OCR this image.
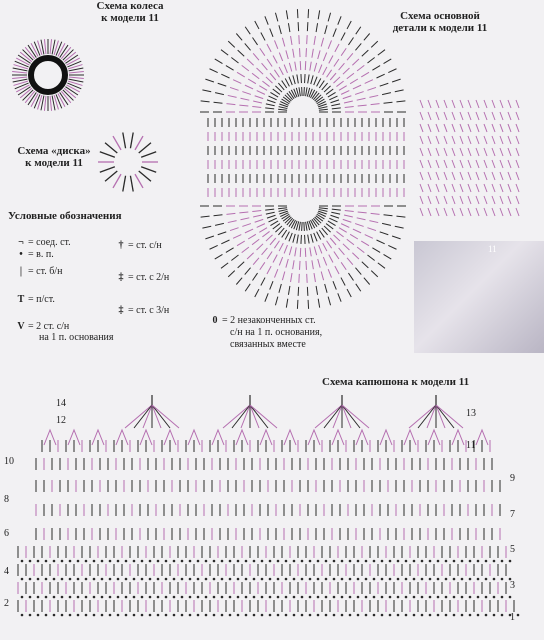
Схема колеса
к модели 11
Схема «диска»
к модели 11
Схема основной
детали к модели 11
Условные обозначения
¬ = соед. ст.
• = в. п.
| = ст. б/н
T = п/ст.
V = 2 ст. с/н
на 1 п. основания
† = ст. с/н
‡ = ст. с 2/н
‡ = ст. с 3/н
0 = 2 незаконченных ст.
с/н на 1 п. основания,
связанных вместе
11
Схема капюшона к модели 11
14
12
10
8
6
4
2
13
11
9
7
5
3
1
